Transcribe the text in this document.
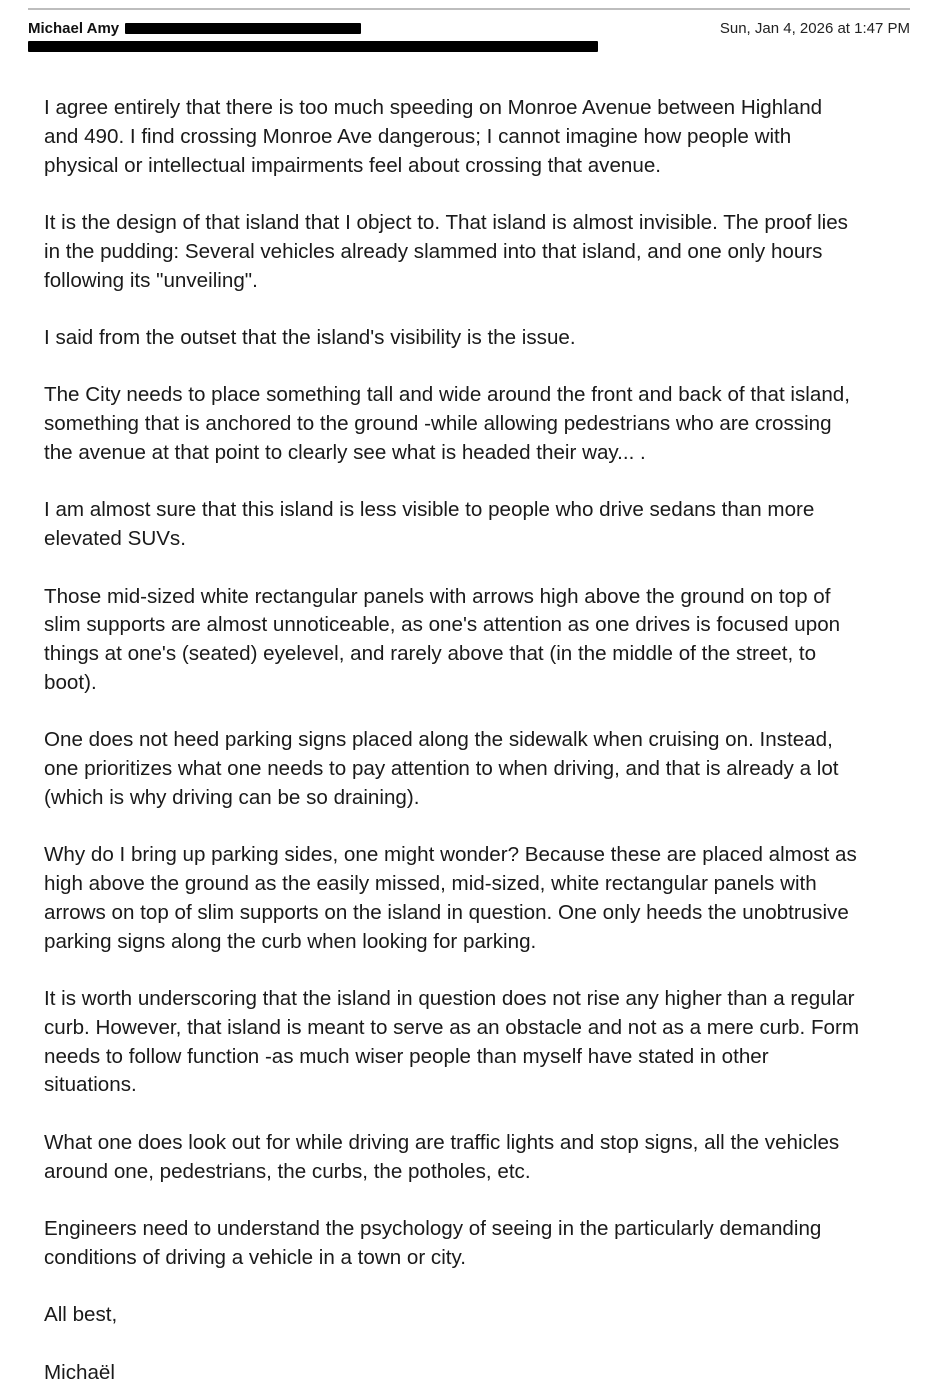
Michael Amy	Sun, Jan 4, 2026 at 1:47 PM

I agree entirely that there is too much speeding on Monroe Avenue between Highland
and 490. I find crossing Monroe Ave dangerous; I cannot imagine how people with
physical or intellectual impairments feel about crossing that avenue.

It is the design of that island that I object to. That island is almost invisible. The proof lies
in the pudding: Several vehicles already slammed into that island, and one only hours
following its "unveiling".

I said from the outset that the island's visibility is the issue.

The City needs to place something tall and wide around the front and back of that island,
something that is anchored to the ground -while allowing pedestrians who are crossing
the avenue at that point to clearly see what is headed their way... .

I am almost sure that this island is less visible to people who drive sedans than more
elevated SUVs.

Those mid-sized white rectangular panels with arrows high above the ground on top of
slim supports are almost unnoticeable, as one's attention as one drives is focused upon
things at one's (seated) eyelevel, and rarely above that (in the middle of the street, to
boot).

One does not heed parking signs placed along the sidewalk when cruising on. Instead,
one prioritizes what one needs to pay attention to when driving, and that is already a lot
(which is why driving can be so draining).

Why do I bring up parking sides, one might wonder? Because these are placed almost as
high above the ground as the easily missed, mid-sized, white rectangular panels with
arrows on top of slim supports on the island in question. One only heeds the unobtrusive
parking signs along the curb when looking for parking.

It is worth underscoring that the island in question does not rise any higher than a regular
curb. However, that island is meant to serve as an obstacle and not as a mere curb. Form
needs to follow function -as much wiser people than myself have stated in other
situations.

What one does look out for while driving are traffic lights and stop signs, all the vehicles
around one, pedestrians, the curbs, the potholes, etc.

Engineers need to understand the psychology of seeing in the particularly demanding
conditions of driving a vehicle in a town or city.

All best,

Michaël
